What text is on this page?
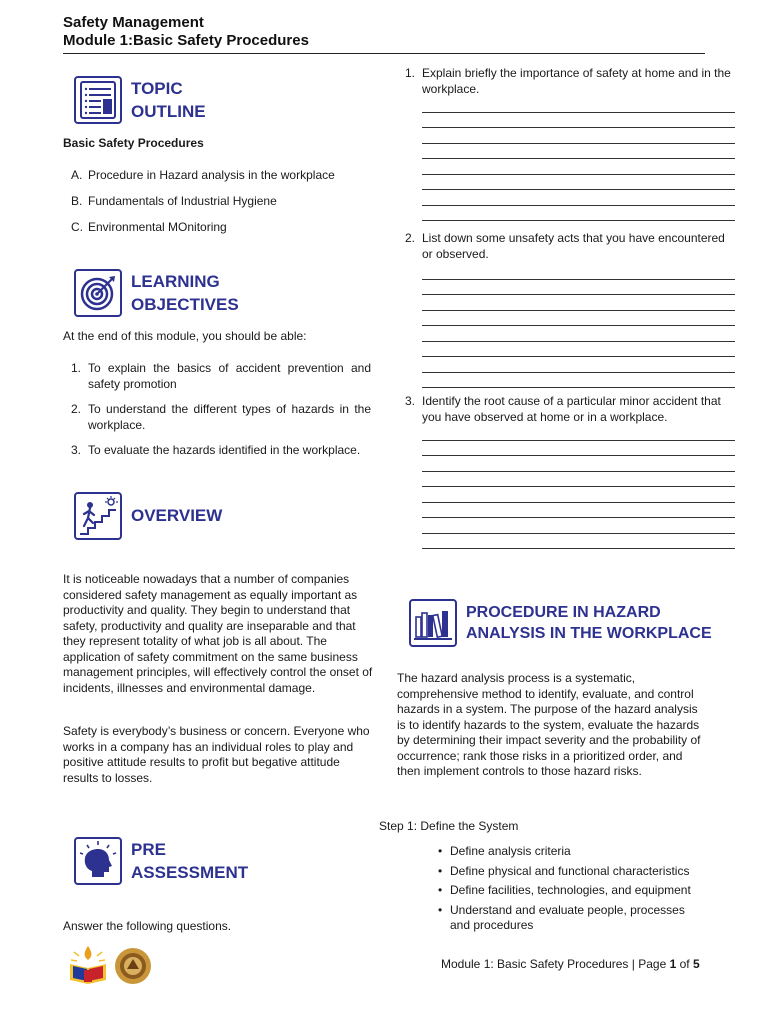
Safety Management
Module 1:Basic Safety Procedures
TOPIC
OUTLINE
Basic Safety Procedures
A. Procedure in Hazard analysis in the workplace
B. Fundamentals of Industrial Hygiene
C. Environmental MOnitoring
LEARNING
OBJECTIVES
At the end of this module, you should be able:
1. To explain the basics of accident prevention and safety promotion
2. To understand the different types of hazards in the workplace.
3. To evaluate the hazards identified in the workplace.
OVERVIEW
It is noticeable nowadays that a number of companies considered safety management as equally important as productivity and quality. They begin to understand that safety, productivity and quality are inseparable and that they represent totality of what job is all about. The application of safety commitment on the same business management principles, will effectively control the onset of incidents, illnesses and environmental damage.
Safety is everybody’s business or concern. Everyone who works in a company has an individual roles to play and positive attitude results to profit but begative attitude results to losses.
PRE
ASSESSMENT
Answer the following questions.
1. Explain briefly the importance of safety at home and in the workplace.
2. List down some unsafety acts that you have encountered or observed.
3. Identify the root cause of a particular minor accident that you have observed at home or in a workplace.
PROCEDURE IN HAZARD
ANALYSIS IN THE WORKPLACE
The hazard analysis process is a systematic, comprehensive method to identify, evaluate, and control hazards in a system. The purpose of the hazard analysis is to identify hazards to the system, evaluate the hazards by determining their impact severity and the probability of occurrence; rank those risks in a prioritized order, and then implement controls to those hazard risks.
Step 1: Define the System
• Define analysis criteria
• Define physical and functional characteristics
• Define facilities, technologies, and equipment
• Understand and evaluate people, processes and procedures
Module 1: Basic Safety Procedures | Page 1 of 5
